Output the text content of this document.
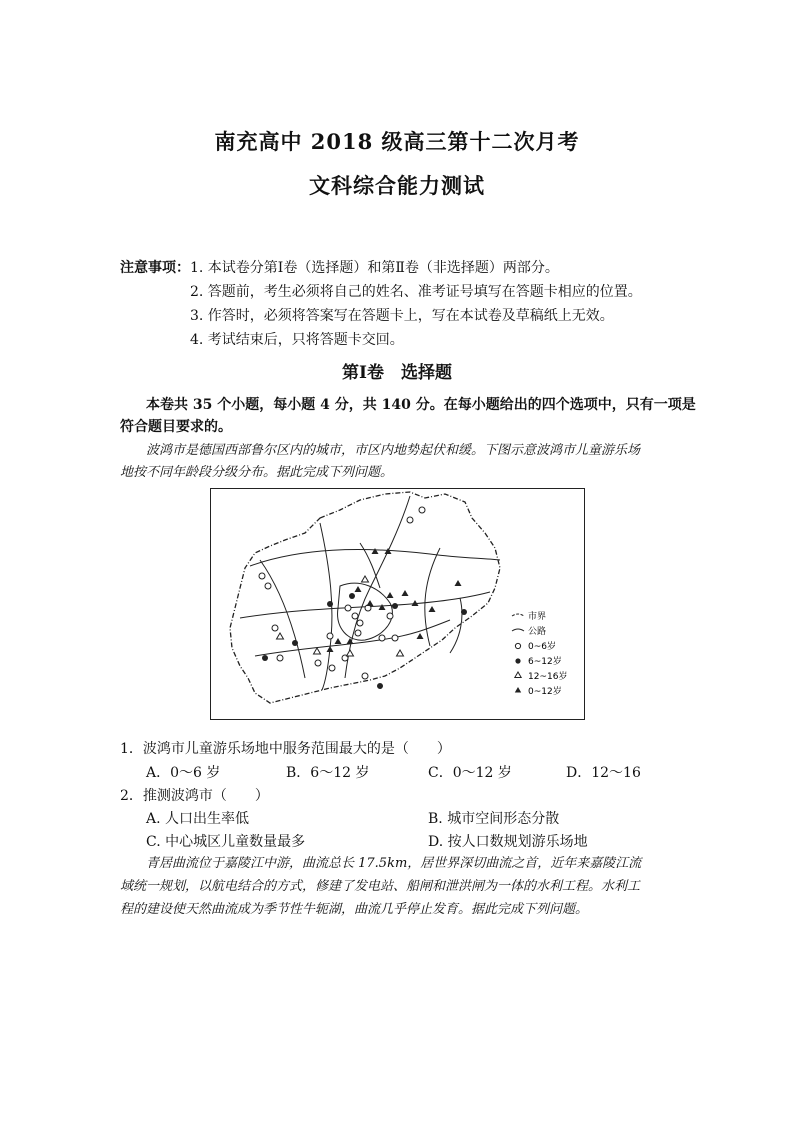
南充高中 2018 级高三第十二次月考
文科综合能力测试
注意事项： 1. 本试卷分第Ⅰ卷（选择题）和第Ⅱ卷（非选择题）两部分。
2. 答题前，考生必须将自己的姓名、准考证号填写在答题卡相应的位置。
3. 作答时，必须将答案写在答题卡上，写在本试卷及草稿纸上无效。
4. 考试结束后，只将答题卡交回。
第Ⅰ卷　选择题
本卷共 35 个小题，每小题 4 分，共 140 分。在每小题给出的四个选项中，只有一项是
符合题目要求的。
波鸿市是德国西部鲁尔区内的城市，市区内地势起伏和缓。下图示意波鸿市儿童游乐场
地按不同年龄段分级分布。据此完成下列问题。
市界
公路
0~6岁
6~12岁
12~16岁
0~12岁
1．波鸿市儿童游乐场地中服务范围最大的是（　　）
A．0～6 岁	B．6～12 岁	C．0～12 岁	D．12～16
2．推测波鸿市（　　）
A. 人口出生率低	B. 城市空间形态分散
C. 中心城区儿童数量最多	D. 按人口数规划游乐场地
青居曲流位于嘉陵江中游，曲流总长 17.5km，居世界深切曲流之首，近年来嘉陵江流
域统一规划，以航电结合的方式，修建了发电站、船闸和泄洪闸为一体的水利工程。水利工
程的建设使天然曲流成为季节性牛轭湖，曲流几乎停止发育。据此完成下列问题。
